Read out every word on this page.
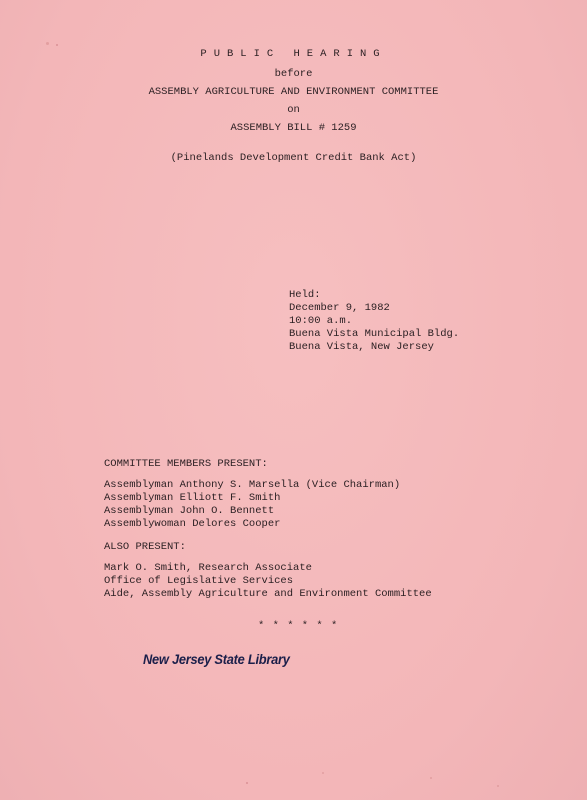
PUBLIC HEARING
before
ASSEMBLY AGRICULTURE AND ENVIRONMENT COMMITTEE
on
ASSEMBLY BILL # 1259
(Pinelands Development Credit Bank Act)
Held:
December 9, 1982
10:00 a.m.
Buena Vista Municipal Bldg.
Buena Vista, New Jersey
COMMITTEE MEMBERS PRESENT:
Assemblyman Anthony S. Marsella (Vice Chairman)
Assemblyman Elliott F. Smith
Assemblyman John O. Bennett
Assemblywoman Delores Cooper
ALSO PRESENT:
Mark O. Smith, Research Associate
Office of Legislative Services
Aide, Assembly Agriculture and Environment Committee
* * * * * *
New Jersey State Library
